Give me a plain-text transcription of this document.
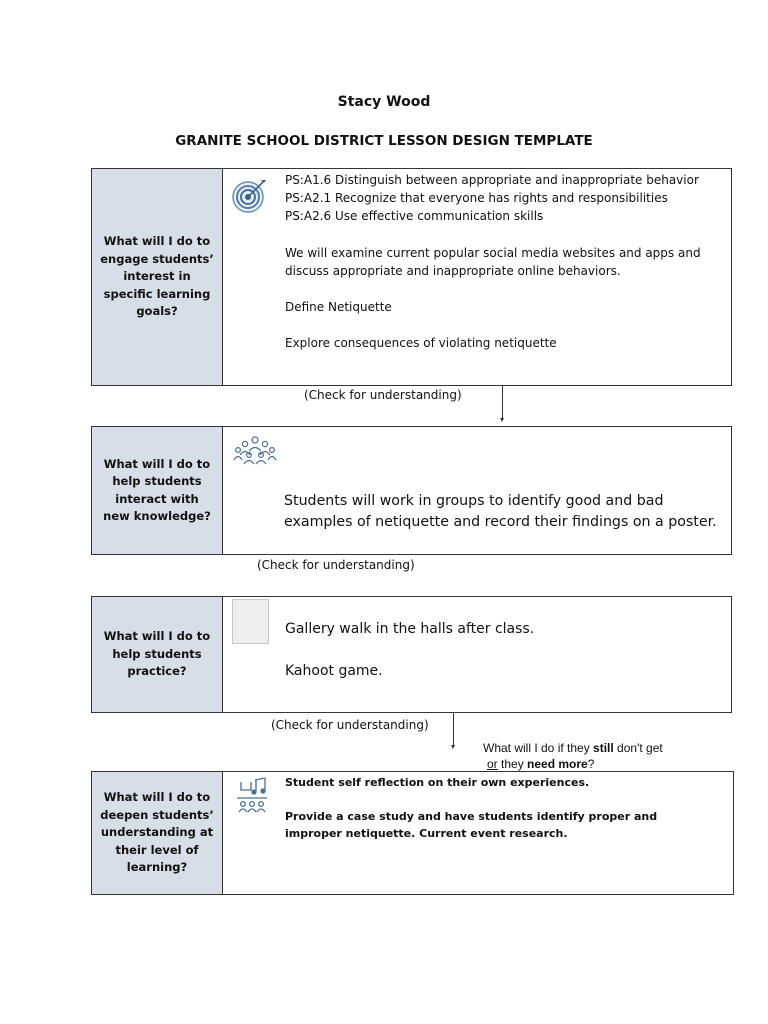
Stacy Wood
GRANITE SCHOOL DISTRICT LESSON DESIGN TEMPLATE
What will I do to engage students’ interest in specific learning goals?

PS:A1.6 Distinguish between appropriate and inappropriate behavior

PS:A2.1 Recognize that everyone has rights and responsibilities

PS:A2.6 Use effective communication skills

We will examine current popular social media websites and apps and discuss appropriate and inappropriate online behaviors.

Define Netiquette

Explore consequences of violating netiquette

(Check for understanding)
What will I do to help students interact with new knowledge?

Students will work in groups to identify good and bad examples of netiquette and record their findings on a poster.

(Check for understanding)
What will I do to help students practice?

Gallery walk in the halls after class.

Kahoot game.

(Check for understanding)
What will I do if they still don't get
or they need more?
What will I do to deepen students’ understanding at their level of learning?

Student self reflection on their own experiences.

Provide a case study and have students identify proper and improper netiquette. Current event research.
